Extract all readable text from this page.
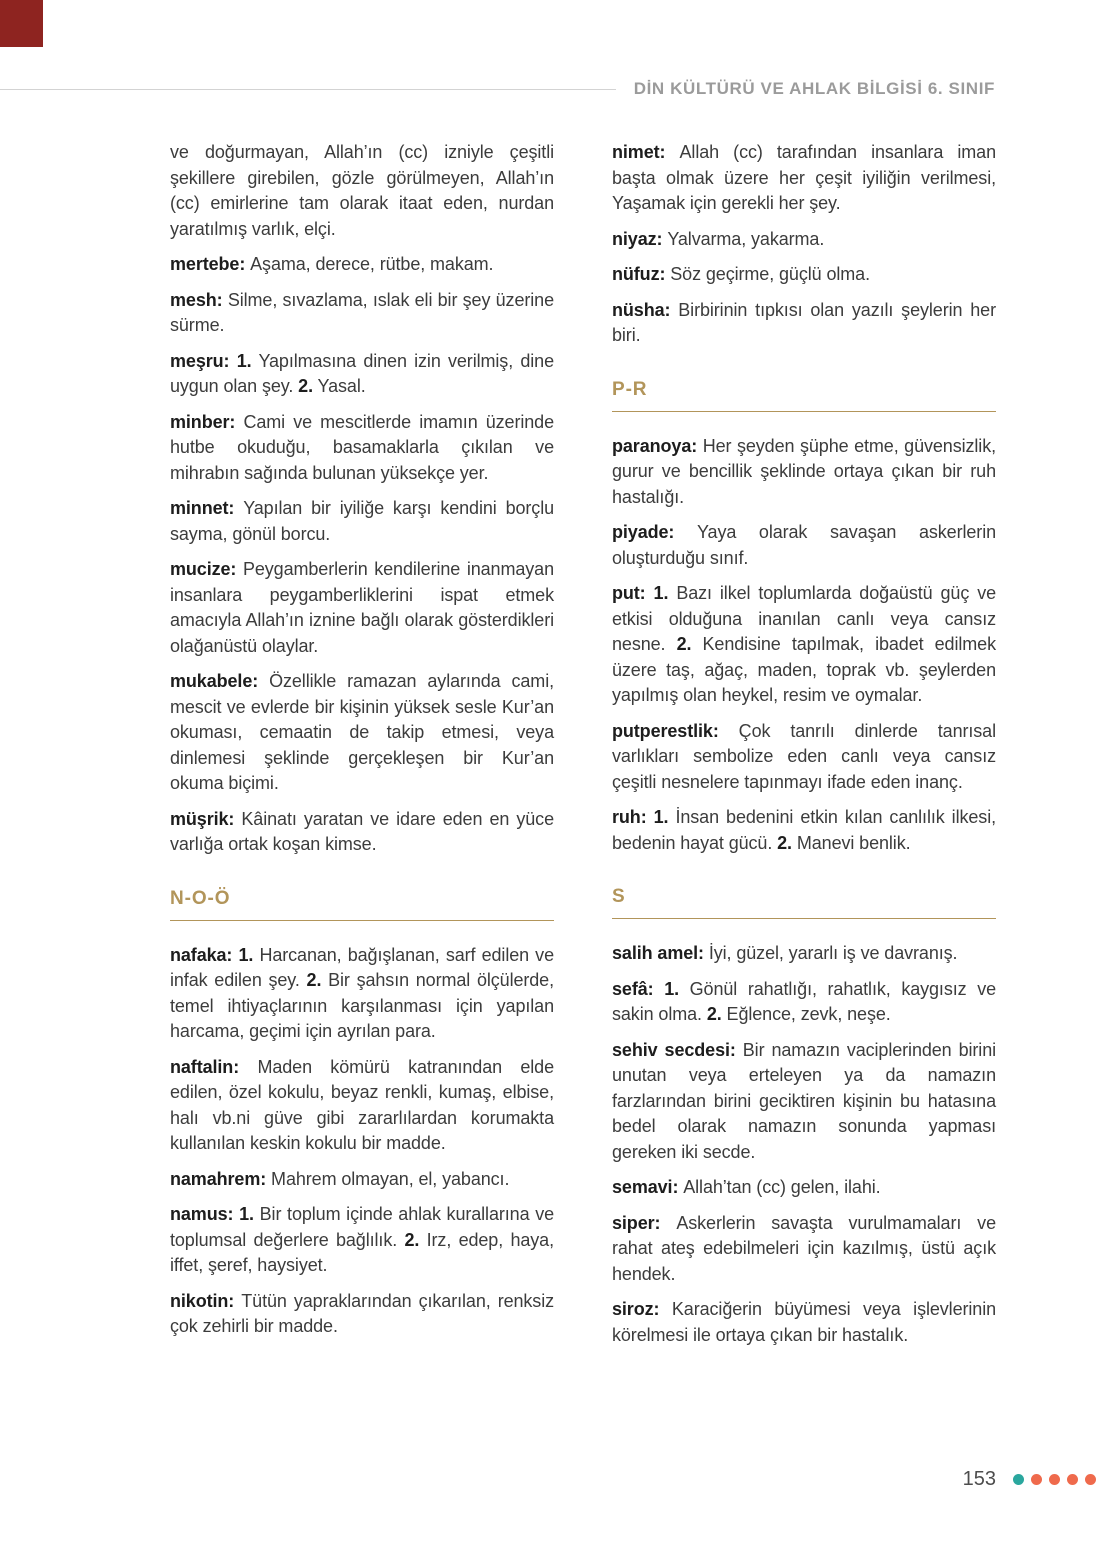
DİN KÜLTÜRÜ VE AHLAK BİLGİSİ 6. SINIF

ve doğurmayan, Allah’ın (cc) izniyle çeşitli şekillere girebilen, gözle görülmeyen, Allah’ın (cc) emirlerine tam olarak itaat eden, nurdan yaratılmış varlık, elçi.

mertebe: Aşama, derece, rütbe, makam.

mesh: Silme, sıvazlama, ıslak eli bir şey üzerine sürme.

meşru: 1. Yapılmasına dinen izin verilmiş, dine uygun olan şey. 2. Yasal.

minber: Cami ve mescitlerde imamın üzerinde hutbe okuduğu, basamaklarla çıkılan ve mihrabın sağında bulunan yüksekçe yer.

minnet: Yapılan bir iyiliğe karşı kendini borçlu sayma, gönül borcu.

mucize: Peygamberlerin kendilerine inanmayan insanlara peygamberliklerini ispat etmek amacıyla Allah’ın iznine bağlı olarak gösterdikleri olağanüstü olaylar.

mukabele: Özellikle ramazan aylarında cami, mescit ve evlerde bir kişinin yüksek sesle Kur’an okuması, cemaatin de takip etmesi, veya dinlemesi şeklinde gerçekleşen bir Kur’an okuma biçimi.

müşrik: Kâinatı yaratan ve idare eden en yüce varlığa ortak koşan kimse.

N-O-Ö

nafaka: 1. Harcanan, bağışlanan, sarf edilen ve infak edilen şey. 2. Bir şahsın normal ölçülerde, temel ihtiyaçlarının karşılanması için yapılan harcama, geçimi için ayrılan para.

naftalin: Maden kömürü katranından elde edilen, özel kokulu, beyaz renkli, kumaş, elbise, halı vb.ni güve gibi zararlılardan korumakta kullanılan keskin kokulu bir madde.

namahrem: Mahrem olmayan, el, yabancı.

namus: 1. Bir toplum içinde ahlak kurallarına ve toplumsal değerlere bağlılık. 2. Irz, edep, haya, iffet, şeref, haysiyet.

nikotin: Tütün yapraklarından çıkarılan, renksiz çok zehirli bir madde.

nimet: Allah (cc) tarafından insanlara iman başta olmak üzere her çeşit iyiliğin verilmesi, Yaşamak için gerekli her şey.

niyaz: Yalvarma, yakarma.

nüfuz: Söz geçirme, güçlü olma.

nüsha: Birbirinin tıpkısı olan yazılı şeylerin her biri.

P-R

paranoya: Her şeyden şüphe etme, güvensizlik, gurur ve bencillik şeklinde ortaya çıkan bir ruh hastalığı.

piyade: Yaya olarak savaşan askerlerin oluşturduğu sınıf.

put: 1. Bazı ilkel toplumlarda doğaüstü güç ve etkisi olduğuna inanılan canlı veya cansız nesne. 2. Kendisine tapılmak, ibadet edilmek üzere taş, ağaç, maden, toprak vb. şeylerden yapılmış olan heykel, resim ve oymalar.

putperestlik: Çok tanrılı dinlerde tanrısal varlıkları sembolize eden canlı veya cansız çeşitli nesnelere tapınmayı ifade eden inanç.

ruh: 1. İnsan bedenini etkin kılan canlılık ilkesi, bedenin hayat gücü. 2. Manevi benlik.

S

salih amel: İyi, güzel, yararlı iş ve davranış.

sefâ: 1. Gönül rahatlığı, rahatlık, kaygısız ve sakin olma. 2. Eğlence, zevk, neşe.

sehiv secdesi: Bir namazın vaciplerinden birini unutan veya erteleyen ya da namazın farzlarından birini geciktiren kişinin bu hatasına bedel olarak namazın sonunda yapması gereken iki secde.

semavi: Allah’tan (cc) gelen, ilahi.

siper: Askerlerin savaşta vurulmamaları ve rahat ateş edebilmeleri için kazılmış, üstü açık hendek.

siroz: Karaciğerin büyümesi veya işlevlerinin körelmesi ile ortaya çıkan bir hastalık.

153
